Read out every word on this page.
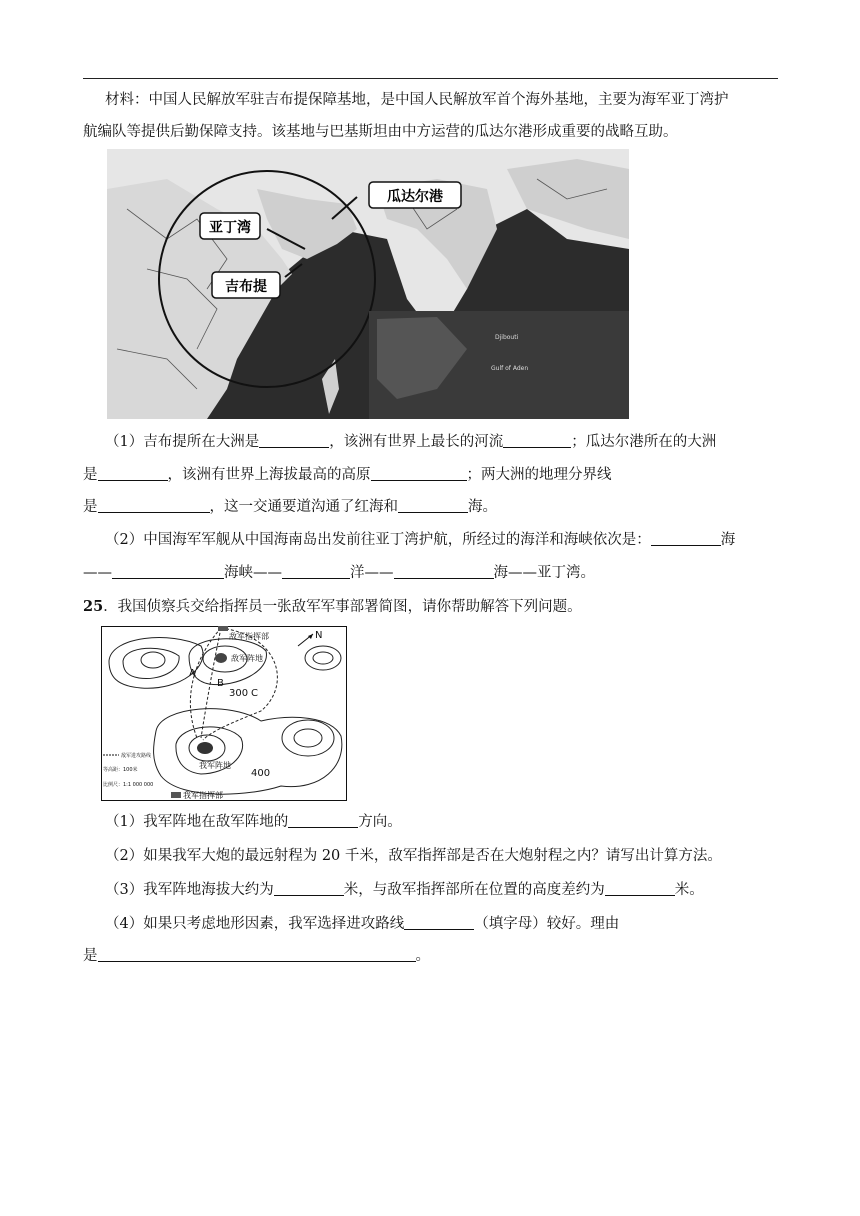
材料：中国人民解放军驻吉布提保障基地，是中国人民解放军首个海外基地，主要为海军亚丁湾护
航编队等提供后勤保障支持。该基地与巴基斯坦由中方运营的瓜达尔港形成重要的战略互助。
Djibouti
Gulf of Aden
瓜达尔港
亚丁湾
吉布提
（1）吉布提所在大洲是	，该洲有世界上最长的河流	；瓜达尔港所在的大洲
是	，该洲有世界上海拔最高的高原	；两大洲的地理分界线
是	，这一交通要道沟通了红海和	海。
（2）中国海军军舰从中国海南岛出发前往亚丁湾护航，所经过的海洋和海峡依次是：	海
——	海峡——	洋——	海——亚丁湾。
25．我国侦察兵交给指挥员一张敌军军事部署简图，请你帮助解答下列问题。
N
敌军指挥部
敌军阵地
我军阵地
A
B
C
300
400
敌军进攻路线
等高距：100米
比例尺：1:1 000 000
我军指挥部
（1）我军阵地在敌军阵地的	方向。
（2）如果我军大炮的最远射程为 20 千米，敌军指挥部是否在大炮射程之内？请写出计算方法。
（3）我军阵地海拔大约为	米，与敌军指挥部所在位置的高度差约为	米。
（4）如果只考虑地形因素，我军选择进攻路线	（填字母）较好。理由
是	。
